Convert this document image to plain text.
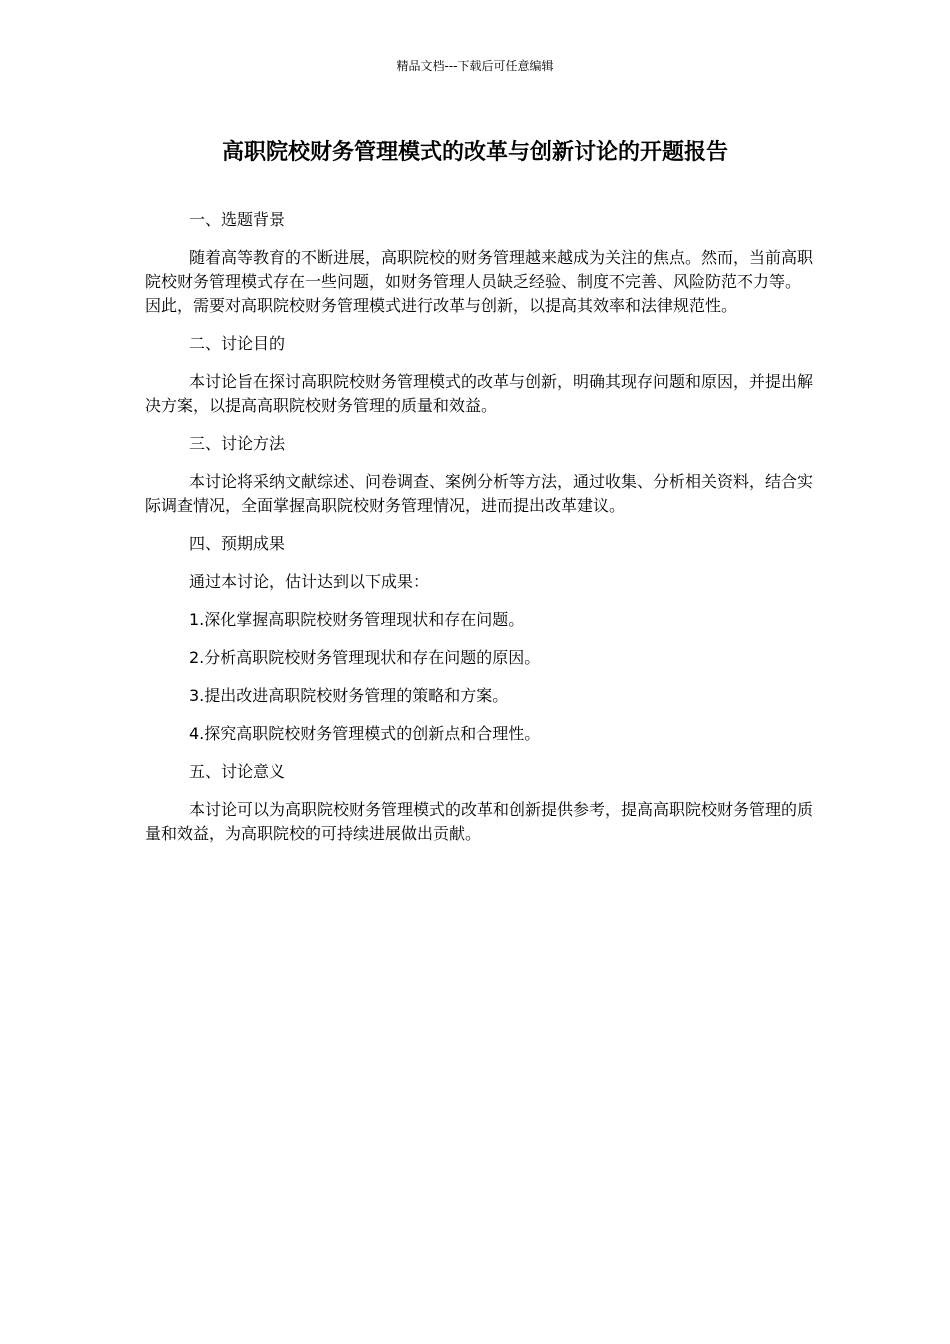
精品文档---下载后可任意编辑
高职院校财务管理模式的改革与创新讨论的开题报告

一、选题背景

随着高等教育的不断进展，高职院校的财务管理越来越成为关注的焦点。然而，当前高职院校财务管理模式存在一些问题，如财务管理人员缺乏经验、制度不完善、风险防范不力等。因此，需要对高职院校财务管理模式进行改革与创新，以提高其效率和法律规范性。

二、讨论目的

本讨论旨在探讨高职院校财务管理模式的改革与创新，明确其现存问题和原因，并提出解决方案，以提高高职院校财务管理的质量和效益。

三、讨论方法

本讨论将采纳文献综述、问卷调查、案例分析等方法，通过收集、分析相关资料，结合实际调查情况，全面掌握高职院校财务管理情况，进而提出改革建议。

四、预期成果

通过本讨论，估计达到以下成果：

1.深化掌握高职院校财务管理现状和存在问题。

2.分析高职院校财务管理现状和存在问题的原因。

3.提出改进高职院校财务管理的策略和方案。

4.探究高职院校财务管理模式的创新点和合理性。

五、讨论意义

本讨论可以为高职院校财务管理模式的改革和创新提供参考，提高高职院校财务管理的质量和效益，为高职院校的可持续进展做出贡献。
